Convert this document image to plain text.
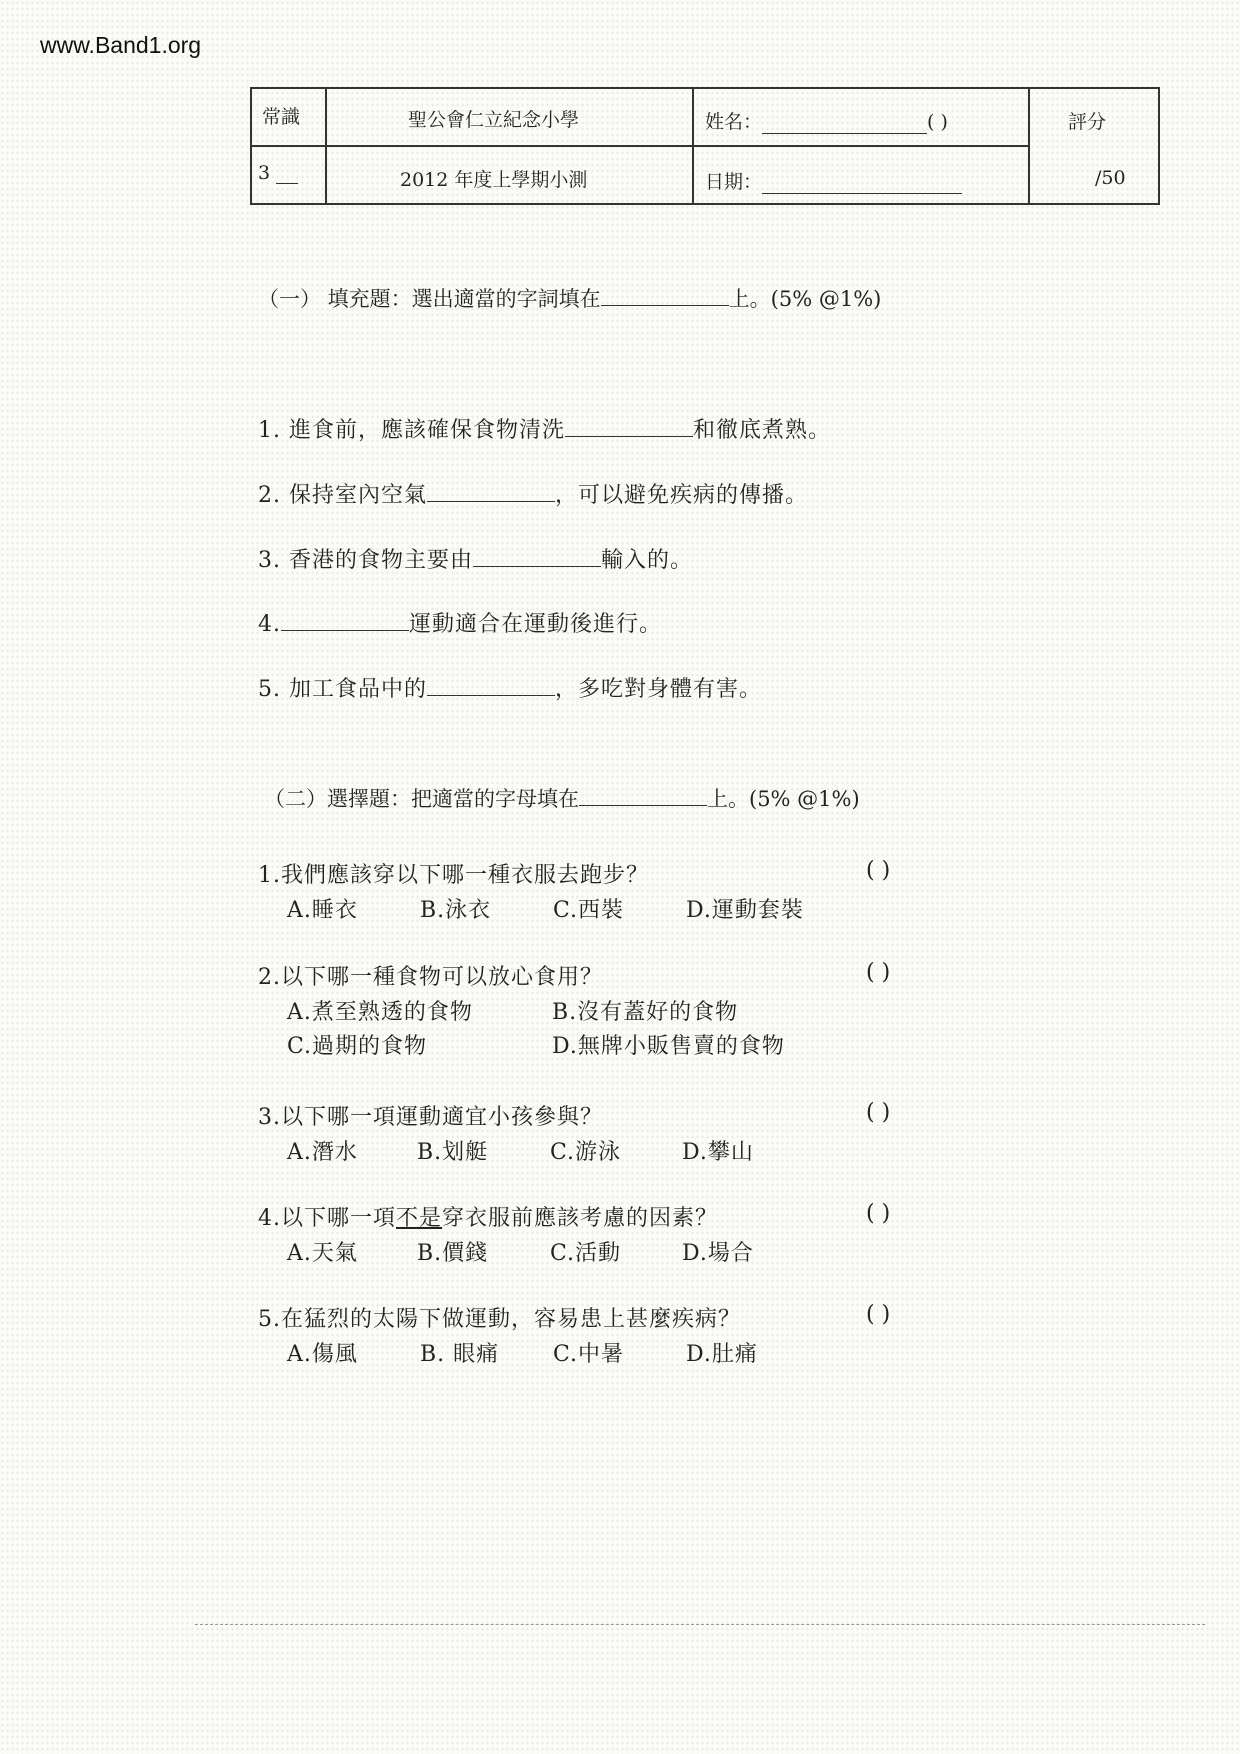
www.Band1.org
常識	聖公會仁立紀念小學	姓名：	( )	評分
3	2012 年度上學期小測	日期：	/50
（一） 填充題：選出適當的字詞填在	上。(5% @1%)
1. 進食前，應該確保食物清洗	和徹底煮熟。
2. 保持室內空氣	，可以避免疾病的傳播。
3. 香港的食物主要由	輸入的。
4.	運動適合在運動後進行。
5. 加工食品中的	，多吃對身體有害。
（二）選擇題：把適當的字母填在	上。(5% @1%)
1.我們應該穿以下哪一種衣服去跑步？	( )
A.睡衣	B.泳衣	C.西裝	D.運動套裝
2.以下哪一種食物可以放心食用？	( )
A.煮至熟透的食物	B.沒有蓋好的食物
C.過期的食物	D.無牌小販售賣的食物
3.以下哪一項運動適宜小孩參與？	( )
A.潛水	B.划艇	C.游泳	D.攀山
4.以下哪一項不是穿衣服前應該考慮的因素？	( )
A.天氣	B.價錢	C.活動	D.場合
5.在猛烈的太陽下做運動，容易患上甚麼疾病？	( )
A.傷風	B. 眼痛 C.中暑	D.肚痛
